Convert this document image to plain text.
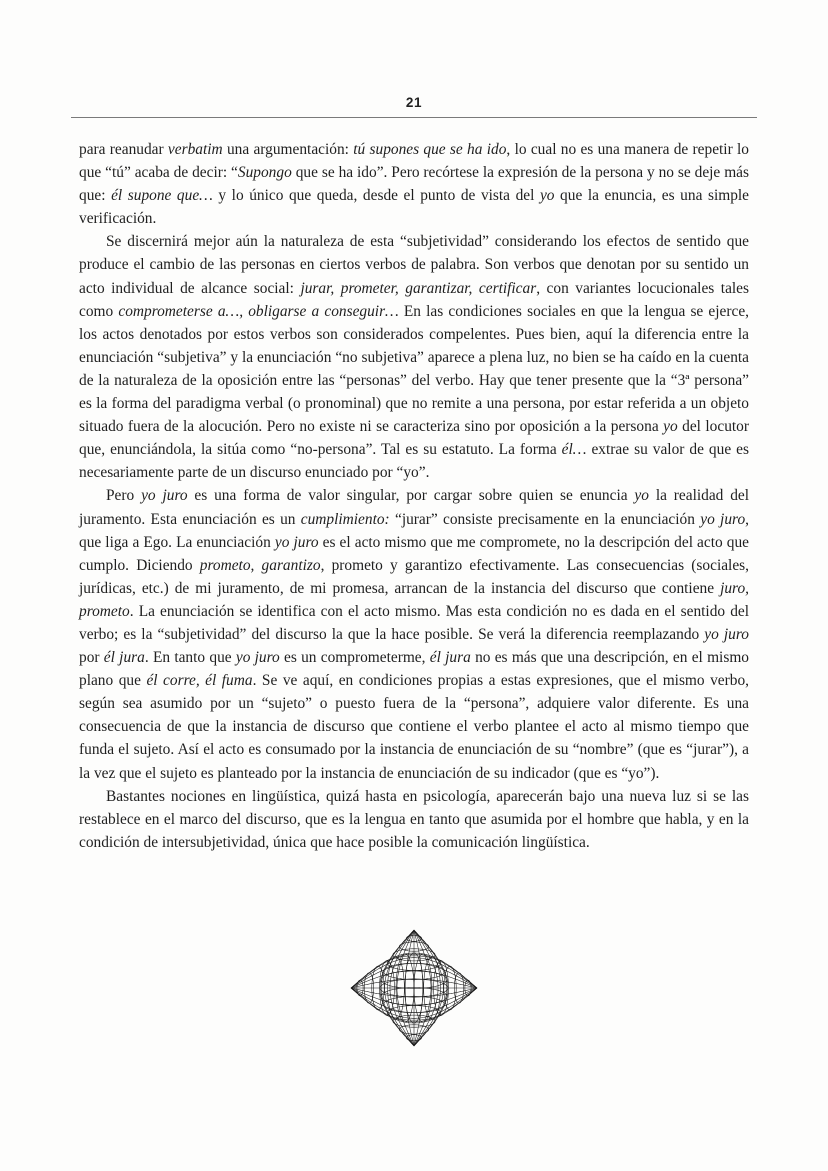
21

para reanudar verbatim una argumentación: tú supones que se ha ido, lo cual no es una manera de repetir lo que “tú” acaba de decir: “Supongo que se ha ido”. Pero recórtese la expresión de la persona y no se deje más que: él supone que… y lo único que queda, desde el punto de vista del yo que la enuncia, es una simple verificación.

Se discernirá mejor aún la naturaleza de esta “subjetividad” considerando los efectos de sentido que produce el cambio de las personas en ciertos verbos de palabra. Son verbos que denotan por su sentido un acto individual de alcance social: jurar, prometer, garantizar, certificar, con variantes locucionales tales como comprometerse a…, obligarse a conseguir… En las condiciones sociales en que la lengua se ejerce, los actos denotados por estos verbos son considerados compelentes. Pues bien, aquí la diferencia entre la enunciación “subjetiva” y la enunciación “no subjetiva” aparece a plena luz, no bien se ha caído en la cuenta de la naturaleza de la oposición entre las “personas” del verbo. Hay que tener presente que la “3ª persona” es la forma del paradigma verbal (o pronominal) que no remite a una persona, por estar referida a un objeto situado fuera de la alocución. Pero no existe ni se caracteriza sino por oposición a la persona yo del locutor que, enunciándola, la sitúa como “no-persona”. Tal es su estatuto. La forma él… extrae su valor de que es necesariamente parte de un discurso enunciado por “yo”.

Pero yo juro es una forma de valor singular, por cargar sobre quien se enuncia yo la realidad del juramento. Esta enunciación es un cumplimiento: “jurar” consiste precisamente en la enunciación yo juro, que liga a Ego. La enunciación yo juro es el acto mismo que me compromete, no la descripción del acto que cumplo. Diciendo prometo, garantizo, prometo y garantizo efectivamente. Las consecuencias (sociales, jurídicas, etc.) de mi juramento, de mi promesa, arrancan de la instancia del discurso que contiene juro, prometo. La enunciación se identifica con el acto mismo. Mas esta condición no es dada en el sentido del verbo; es la “subjetividad” del discurso la que la hace posible. Se verá la diferencia reemplazando yo juro por él jura. En tanto que yo juro es un comprometerme, él jura no es más que una descripción, en el mismo plano que él corre, él fuma. Se ve aquí, en condiciones propias a estas expresiones, que el mismo verbo, según sea asumido por un “sujeto” o puesto fuera de la “persona”, adquiere valor diferente. Es una consecuencia de que la instancia de discurso que contiene el verbo plantee el acto al mismo tiempo que funda el sujeto. Así el acto es consumado por la instancia de enunciación de su “nombre” (que es “jurar”), a la vez que el sujeto es planteado por la instancia de enunciación de su indicador (que es “yo”).

Bastantes nociones en lingüística, quizá hasta en psicología, aparecerán bajo una nueva luz si se las restablece en el marco del discurso, que es la lengua en tanto que asumida por el hombre que habla, y en la condición de intersubjetividad, única que hace posible la comunicación lingüística.
